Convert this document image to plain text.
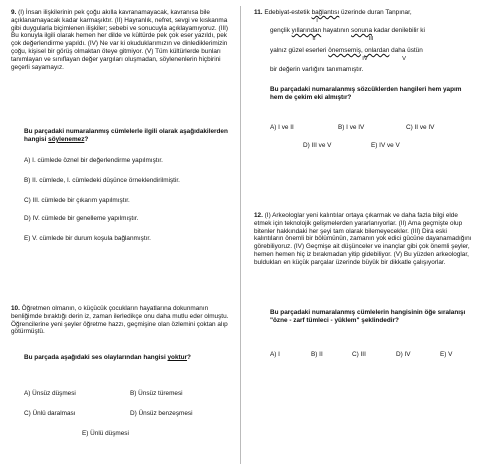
9. (I) İnsan ilişkilerinin pek çoğu akılla kavranamayacak, kavranısa bile açıklanamayacak kadar karmaşıktır. (II) Hayranlık, nefret, sevgi ve kıskanma gibi duygularla biçimlenen ilişkiler; sebebi ve sonucuyla açıklayamıyoruz. (III) Bu konuyla ilgili olarak hemen her dilde ve kültürde pek çok eser yazıldı, pek çok değerlendirme yapıldı. (IV) Ne var ki okuduklarımızın ve dinlediklerimizin çoğu, kişisel bir görüş olmaktan öteye gitmiyor. (V) Tüm kültürlerde bunları tanımlayan ve sınıflayan değer yargıları oluşmadan, söylenenlerin hiçbirini geçerli sayamayız.
Bu parçadaki numaralanmış cümlelerle ilgili olarak aşağıdakilerden hangisi söylenemez?
A) I. cümlede öznel bir değerlendirme yapılmıştır.
B) II. cümlede, I. cümledeki düşünce örneklendirilmiştir.
C) III. cümlede bir çıkarım yapılmıştır.
D) IV. cümlede bir genelleme yapılmıştır.
E) V. cümlede bir durum koşula bağlanmıştır.
10. Öğretmen olmanın, o küçücük çocukların hayatlarına dokunmanın benliğimde bıraktığı derin iz, zaman ilerledikçe onu daha mutlu eder olmuştu. Öğrencilerine yeni şeyler öğretme hazzı, geçmişine olan özlemini çoktan alıp götürmüştü.
Bu parçada aşağıdaki ses olaylarından hangisi yoktur?
A) Ünsüz düşmesi	B) Ünsüz türemesi
C) Ünlü daralması	D) Ünsüz benzeşmesi
E) Ünlü düşmesi
11. Edebiyat-estetik bağlantısı üzerinde duran Tanpınar,
I
gençlik yıllarından hayatının sonuna kadar denilebilir ki
II	III
yalnız güzel eserleri önemsemiş, onlardan daha üstün
IV	V
bir değerin varlığını tanımamıştır.
Bu parçadaki numaralanmış sözcüklerden hangileri hem yapım hem de çekim eki almıştır?
A) I ve II	B) I ve IV	C) II ve IV
D) III ve V	E) IV ve V
12. (I) Arkeologlar yeni kalıntılar ortaya çıkarmak ve daha fazla bilgi elde etmek için teknolojik gelişmelerden yararlanıyorlar. (II) Ama geçmişte olup bitenler hakkındaki her şeyi tam olarak bilemeyecekler. (III) Dira eski kalıntıların önemli bir bölümünün, zamanın yok edici gücüne dayanamadığını görebiliyoruz. (IV) Geçmişe ait düşünceler ve inançlar gibi çok önemli şeyler, hemen hemen hiç iz bırakmadan yitip gidebiliyor. (V) Bu yüzden arkeologlar, buldukları en küçük parçalar üzerinde büyük bir dikkatle çalışıyorlar.
Bu parçadaki numaralanmış cümlelerin hangisinin öğe sıralanışı "özne - zarf tümleci - yüklem" şeklindedir?
A) I	B) II	C) III	D) IV	E) V
